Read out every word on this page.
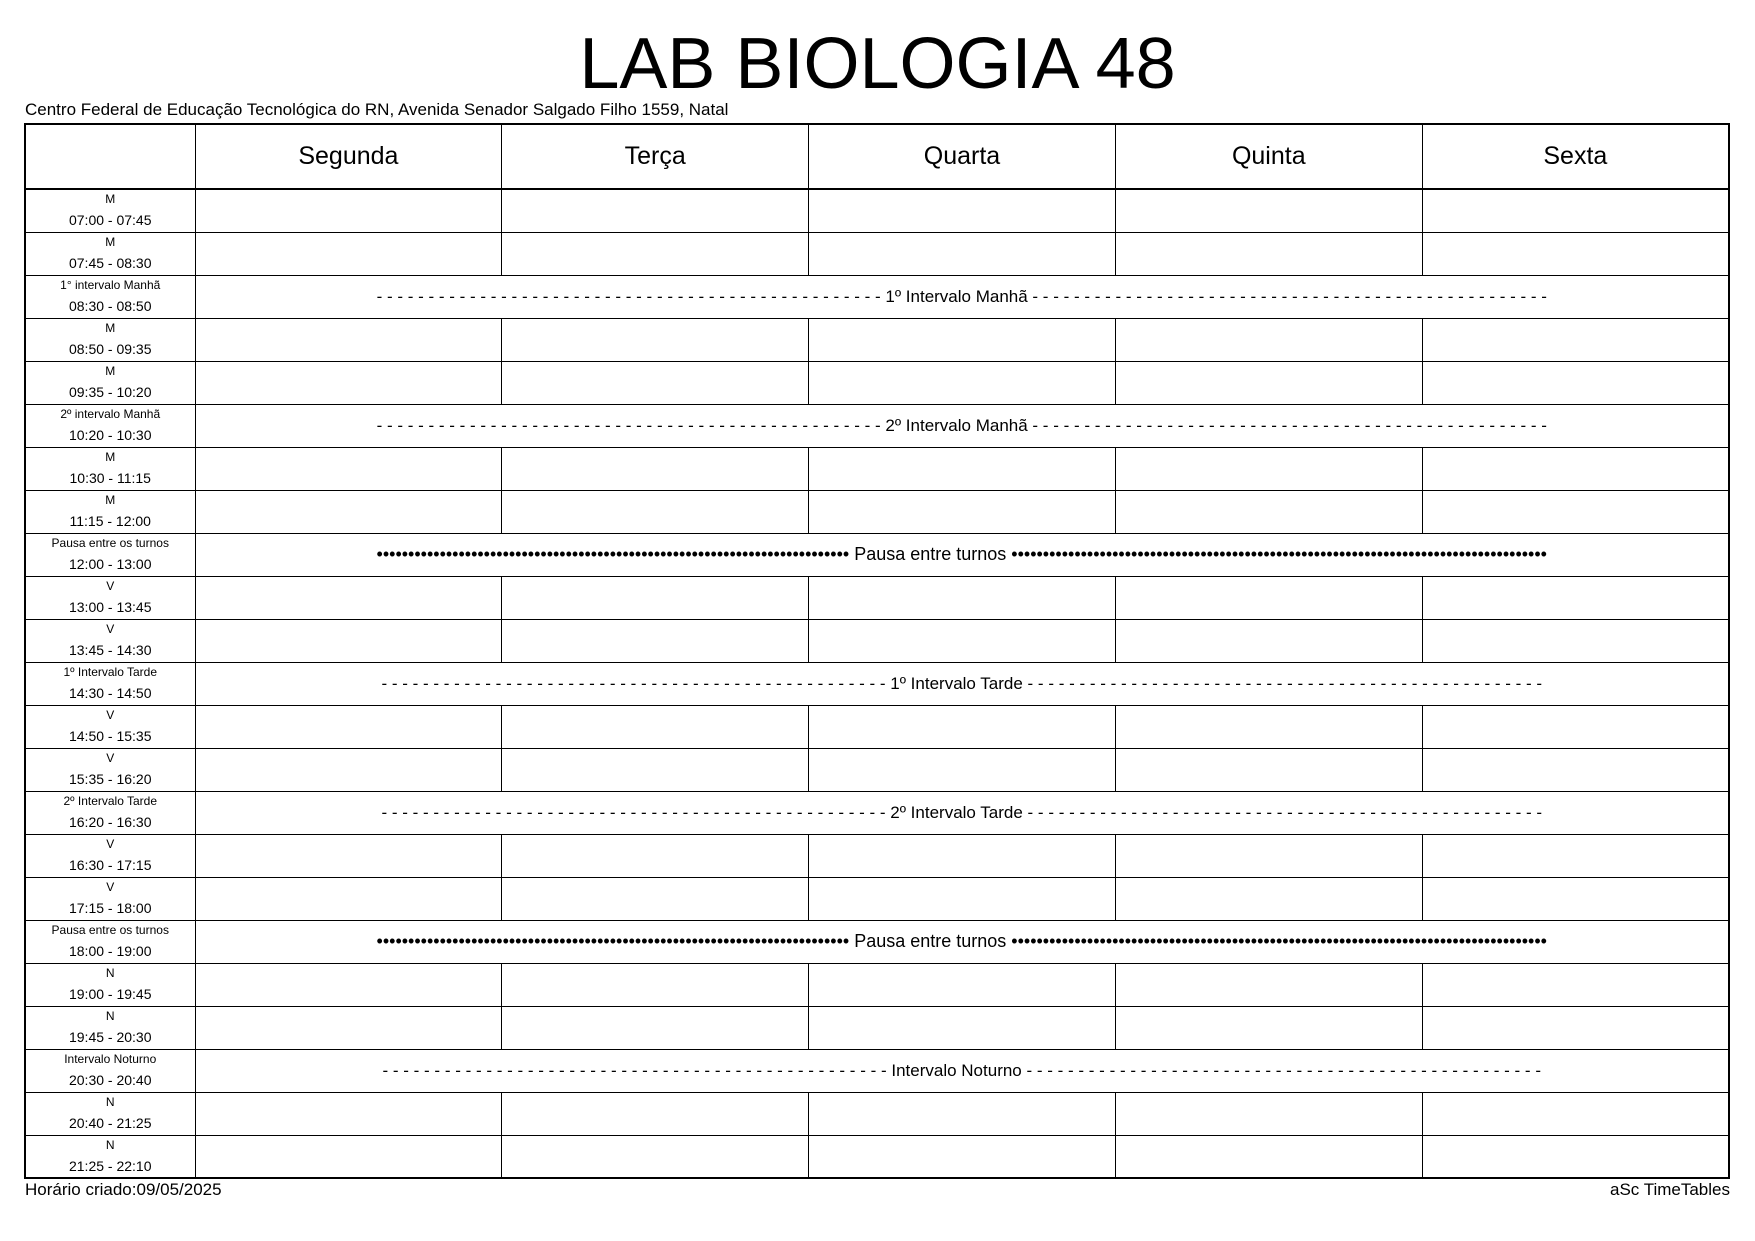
LAB BIOLOGIA 48
Centro Federal de Educação Tecnológica do RN, Avenida Senador Salgado Filho 1559, Natal
	Segunda	Terça	Quarta	Quinta	Sexta

M
07:00 - 07:45					

M
07:45 - 08:30					

1° intervalo Manhã
08:30 - 08:50	- - - - - - - - - - - - - - - - - - - - - - - - - - - - - - - - - - - - - - - - - - - - - - - - - 1º Intervalo Manhã - - - - - - - - - - - - - - - - - - - - - - - - - - - - - - - - - - - - - - - - - - - - - - - - - -				

M
08:50 - 09:35					

M
09:35 - 10:20					

2º intervalo Manhã
10:20 - 10:30	- - - - - - - - - - - - - - - - - - - - - - - - - - - - - - - - - - - - - - - - - - - - - - - - - 2º Intervalo Manhã - - - - - - - - - - - - - - - - - - - - - - - - - - - - - - - - - - - - - - - - - - - - - - - - - -				

M
10:30 - 11:15					

M
11:15 - 12:00					

Pausa entre os turnos
12:00 - 13:00	••••••••••••••••••••••••••••••••••••••••••••••••••••••••••••••••••••••••••• Pausa entre turnos •••••••••••••••••••••••••••••••••••••••••••••••••••••••••••••••••••••••••••••••••••••				

V
13:00 - 13:45					

V
13:45 - 14:30					

1º Intervalo Tarde
14:30 - 14:50	- - - - - - - - - - - - - - - - - - - - - - - - - - - - - - - - - - - - - - - - - - - - - - - - - 1º Intervalo Tarde - - - - - - - - - - - - - - - - - - - - - - - - - - - - - - - - - - - - - - - - - - - - - - - - - -				

V
14:50 - 15:35					

V
15:35 - 16:20					

2º Intervalo Tarde
16:20 - 16:30	- - - - - - - - - - - - - - - - - - - - - - - - - - - - - - - - - - - - - - - - - - - - - - - - - 2º Intervalo Tarde - - - - - - - - - - - - - - - - - - - - - - - - - - - - - - - - - - - - - - - - - - - - - - - - - -				

V
16:30 - 17:15					

V
17:15 - 18:00					

Pausa entre os turnos
18:00 - 19:00	••••••••••••••••••••••••••••••••••••••••••••••••••••••••••••••••••••••••••• Pausa entre turnos •••••••••••••••••••••••••••••••••••••••••••••••••••••••••••••••••••••••••••••••••••••				

N
19:00 - 19:45					

N
19:45 - 20:30					

Intervalo Noturno
20:30 - 20:40	- - - - - - - - - - - - - - - - - - - - - - - - - - - - - - - - - - - - - - - - - - - - - - - - - Intervalo Noturno - - - - - - - - - - - - - - - - - - - - - - - - - - - - - - - - - - - - - - - - - - - - - - - - - -				

N
20:40 - 21:25					

N
21:25 - 22:10					

Horário criado:09/05/2025	aSc TimeTables
